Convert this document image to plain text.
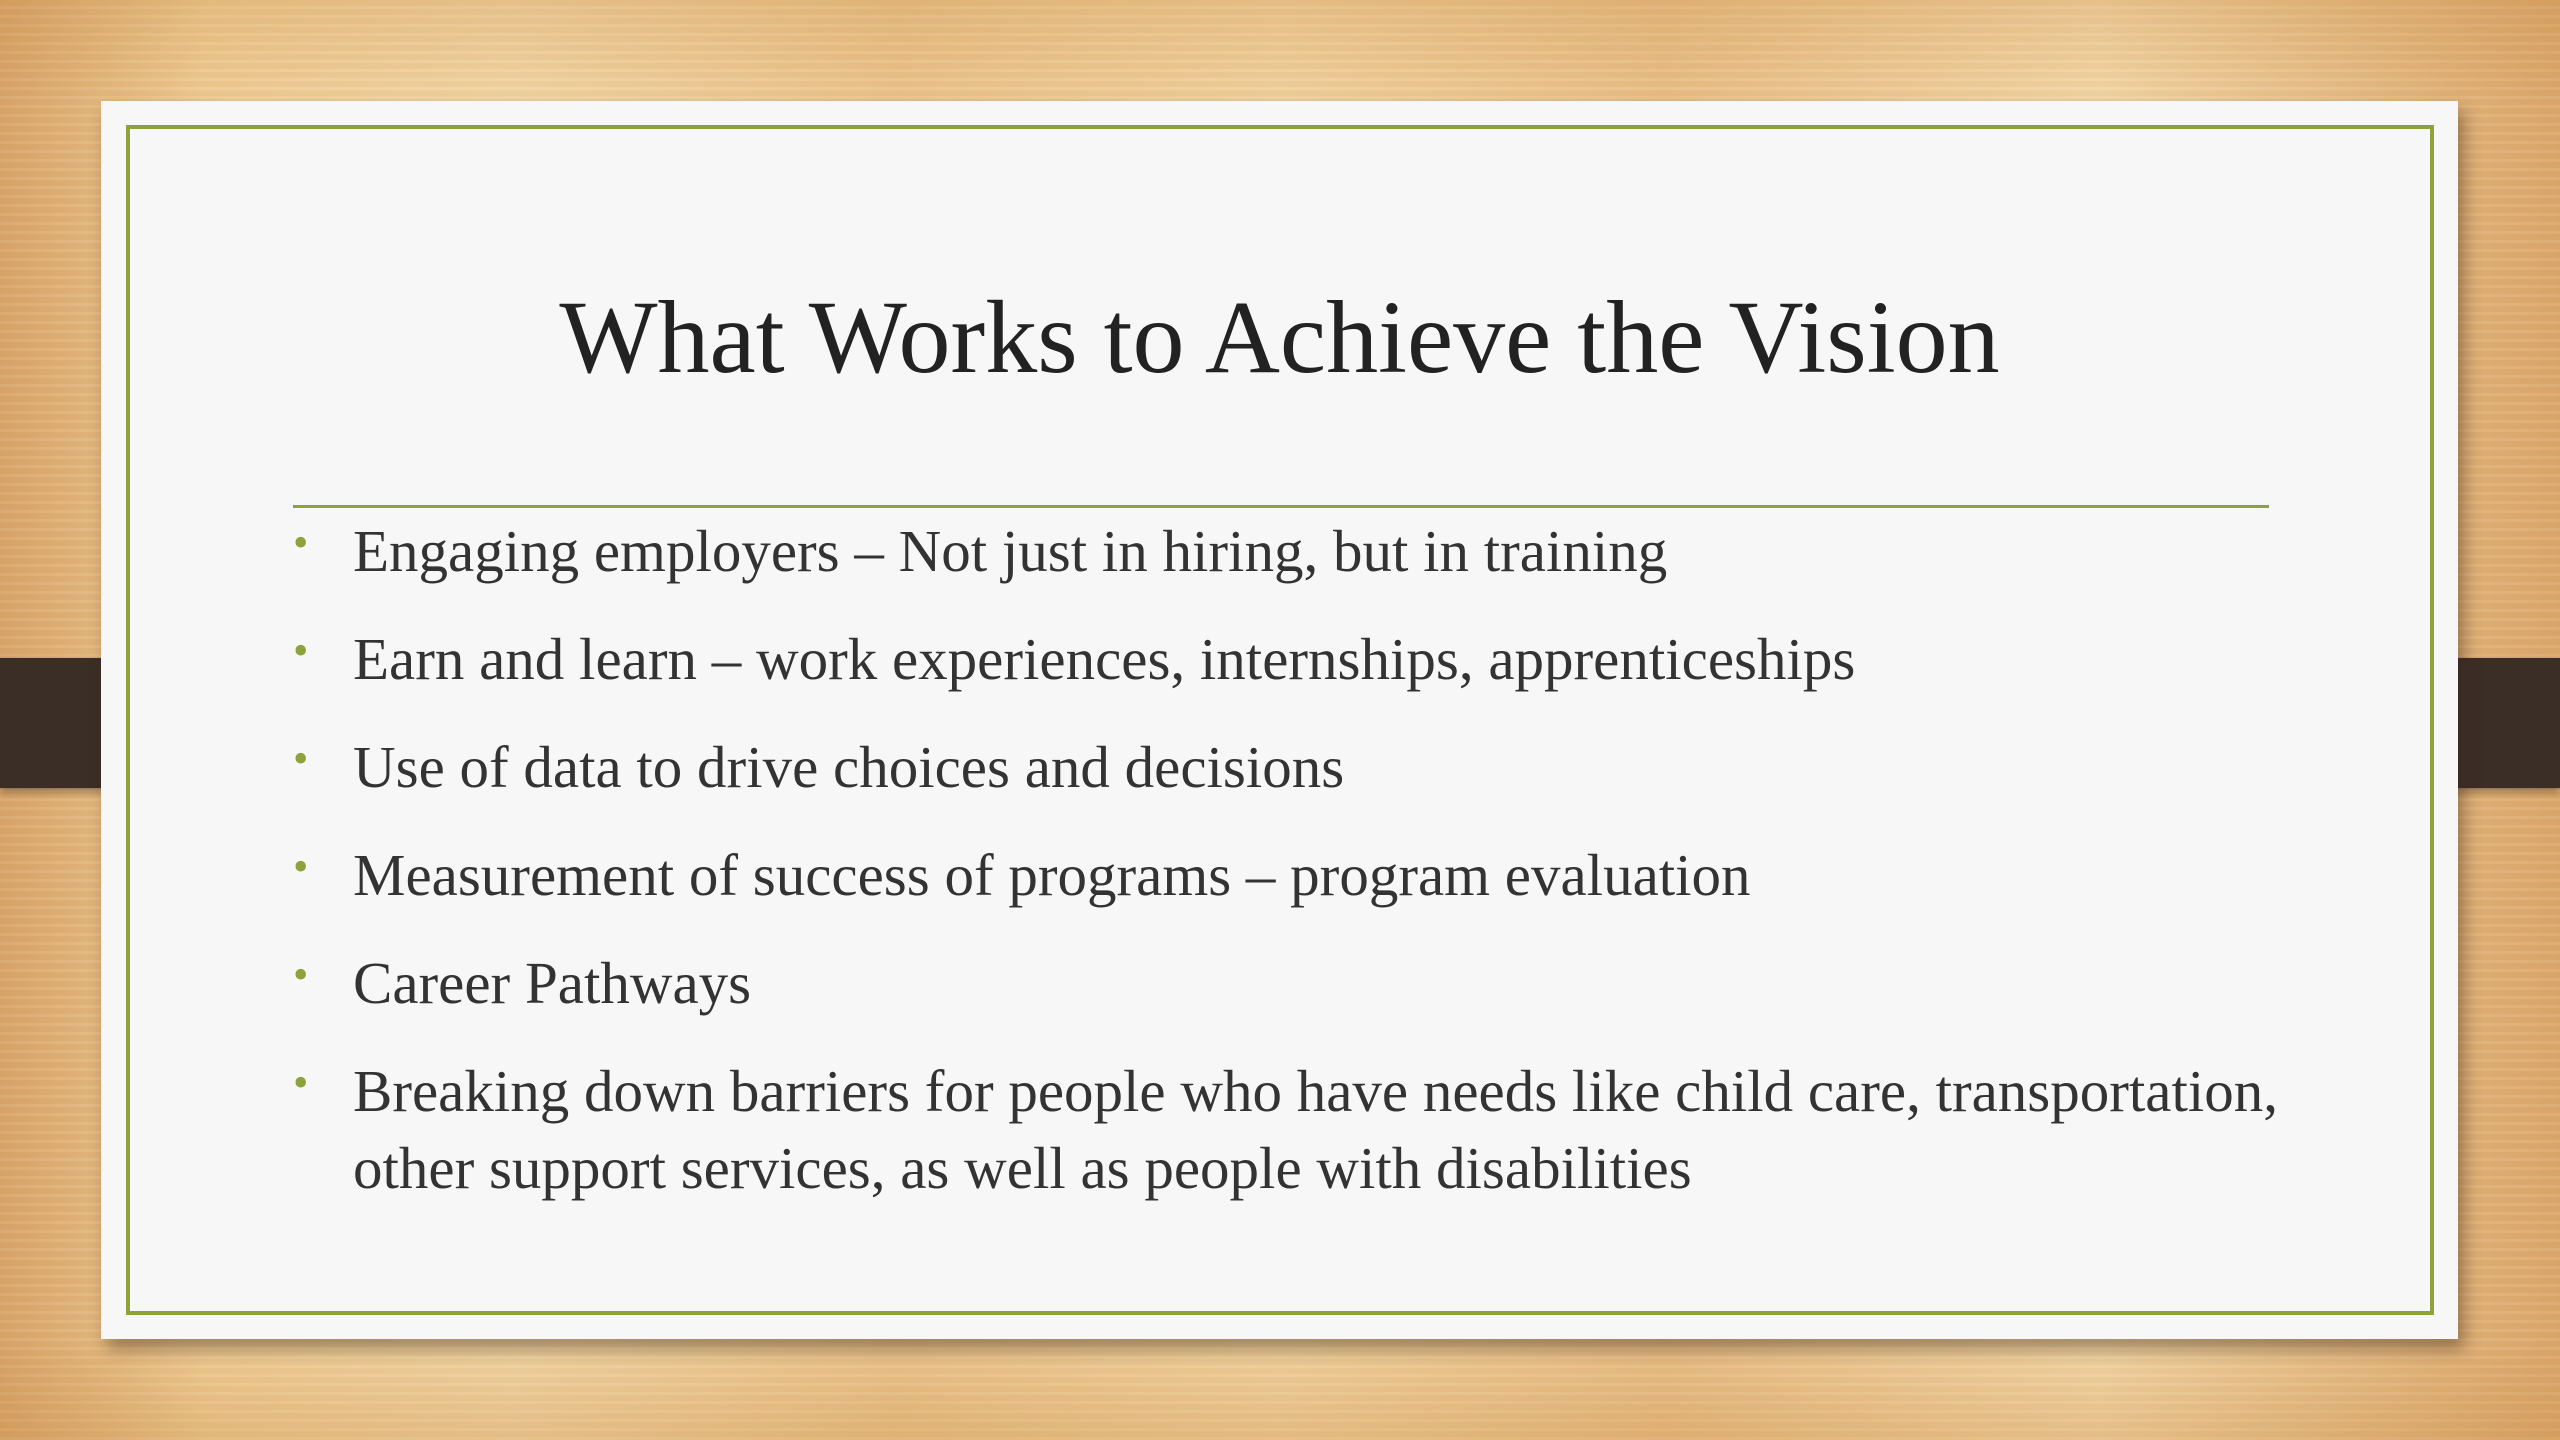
What Works to Achieve the Vision
• Engaging employers – Not just in hiring, but in training
• Earn and learn – work experiences, internships, apprenticeships
• Use of data to drive choices and decisions
• Measurement of success of programs – program evaluation
• Career Pathways
• Breaking down barriers for people who have needs like child care, transportation, other support services, as well as people with disabilities
